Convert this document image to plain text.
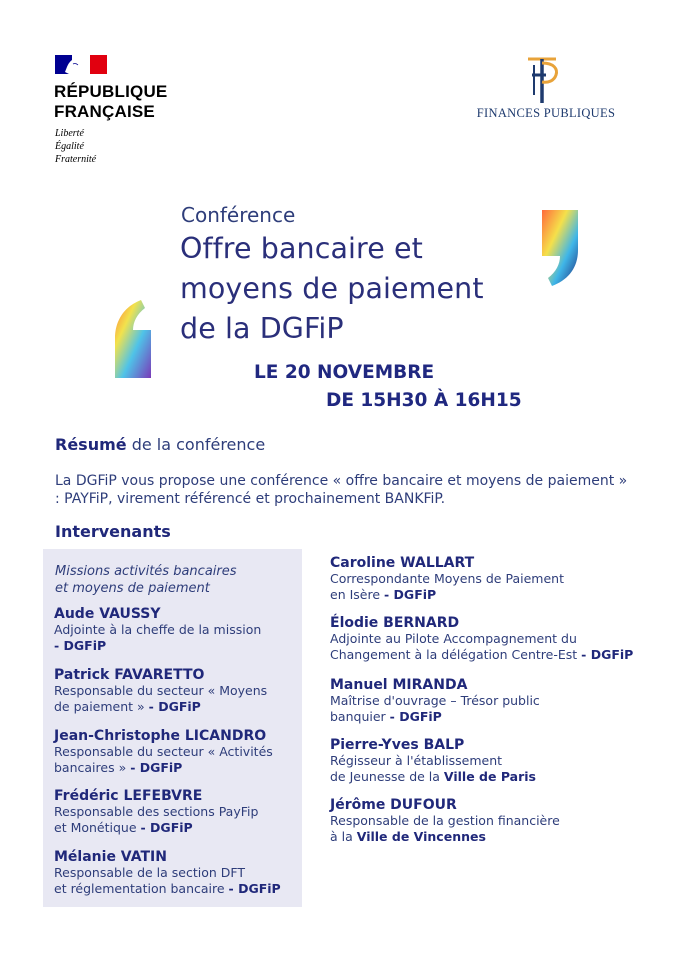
RÉPUBLIQUE
FRANÇAISE
Liberté
Égalité
Fraternité
FINANCES PUBLIQUES
Conférence
Offre bancaire et
moyens de paiement
de la DGFiP
LE 20 NOVEMBRE
DE 15H30 À 16H15
Résumé de la conférence
La DGFiP vous propose une conférence « offre bancaire et moyens de paiement » : PAYFiP, virement référencé et prochainement BANKFiP.
Intervenants
Missions activités bancaires
et moyens de paiement
Aude VAUSSY
Adjointe à la cheffe de la mission
- DGFiP
Patrick FAVARETTO
Responsable du secteur « Moyens
de paiement » - DGFiP
Jean-Christophe LICANDRO
Responsable du secteur « Activités
bancaires » - DGFiP
Frédéric LEFEBVRE
Responsable des sections PayFip
et Monétique - DGFiP
Mélanie VATIN
Responsable de la section DFT
et réglementation bancaire - DGFiP
Caroline WALLART
Correspondante Moyens de Paiement
en Isère - DGFiP
Élodie BERNARD
Adjointe au Pilote Accompagnement du
Changement à la délégation Centre-Est - DGFiP
Manuel MIRANDA
Maîtrise d'ouvrage – Trésor public
banquier - DGFiP
Pierre-Yves BALP
Régisseur à l'établissement
de Jeunesse de la Ville de Paris
Jérôme DUFOUR
Responsable de la gestion financière
à la Ville de Vincennes
